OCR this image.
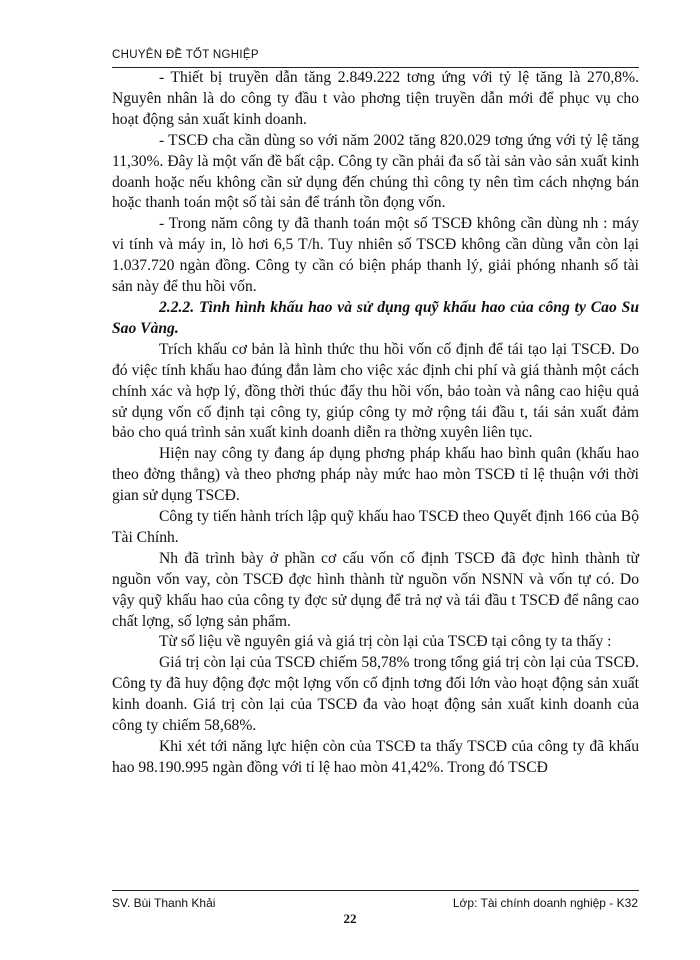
CHUYÊN ĐỀ TỐT NGHIỆP

- Thiết bị truyền dẫn tăng 2.849.222 tơng ứng với tỷ lệ tăng là 270,8%. Nguyên nhân là do công ty đầu t vào phơng tiện truyền dẫn mới để phục vụ cho hoạt động sản xuất kinh doanh.

- TSCĐ cha cần dùng so với năm 2002 tăng 820.029 tơng ứng với tỷ lệ tăng 11,30%. Đây là một vấn đề bất cập. Công ty cần phải đa số tài sản vào sản xuất kinh doanh hoặc nếu không cần sử dụng đến chúng thì công ty nên tìm cách nhợng bán hoặc thanh toán một số tài sản để tránh tồn đọng vốn.

- Trong năm công ty đã thanh toán một số TSCĐ không cần dùng nh : máy vi tính và máy in, lò hơi 6,5 T/h. Tuy nhiên số TSCĐ không cần dùng vẫn còn lại 1.037.720 ngàn đồng. Công ty cần có biện pháp thanh lý, giải phóng nhanh số tài sản này để thu hồi vốn.

2.2.2. Tình hình khấu hao và sử dụng quỹ khấu hao của công ty Cao Su Sao Vàng.

Trích khấu cơ bản là hình thức thu hồi vốn cố định để tái tạo lại TSCĐ. Do đó việc tính khấu hao đúng đắn làm cho việc xác định chi phí và giá thành một cách chính xác và hợp lý, đồng thời thúc đẩy thu hồi vốn, bảo toàn và nâng cao hiệu quả sử dụng vốn cố định tại công ty, giúp công ty mở rộng tái đầu t, tái sản xuất đảm bảo cho quá trình sản xuất kinh doanh diễn ra thờng xuyên liên tục.

Hiện nay công ty đang áp dụng phơng pháp khấu hao bình quân (khấu hao theo đờng thẳng) và theo phơng pháp này mức hao mòn TSCĐ tỉ lệ thuận với thời gian sử dụng TSCĐ.

Công ty tiến hành trích lập quỹ khấu hao TSCĐ theo Quyết định 166 của Bộ Tài Chính.

Nh đã trình bày ở phần cơ cấu vốn cố định TSCĐ đã đợc hình thành từ nguồn vốn vay, còn TSCĐ đợc hình thành từ nguồn vốn NSNN và vốn tự có. Do vậy quỹ khấu hao của công ty đợc sử dụng để trả nợ và tái đầu t TSCĐ để nâng cao chất lợng, số lợng sản phẩm.

Từ số liệu về nguyên giá và giá trị còn lại của TSCĐ tại công ty ta thấy :

Giá trị còn lại của TSCĐ chiếm 58,78% trong tổng giá trị còn lại của TSCĐ. Công ty đã huy động đợc một lợng vốn cố định tơng đối lớn vào hoạt động sản xuất kinh doanh. Giá trị còn lại của TSCĐ đa vào hoạt động sản xuất kinh doanh của công ty chiếm 58,68%.

Khi xét tới năng lực hiện còn của TSCĐ ta thấy TSCĐ của công ty đã khấu hao 98.190.995 ngàn đồng với tỉ lệ hao mòn 41,42%. Trong đó TSCĐ

SV. Bùi Thanh Khải	Lớp: Tài chính doanh nghiệp - K32
22
